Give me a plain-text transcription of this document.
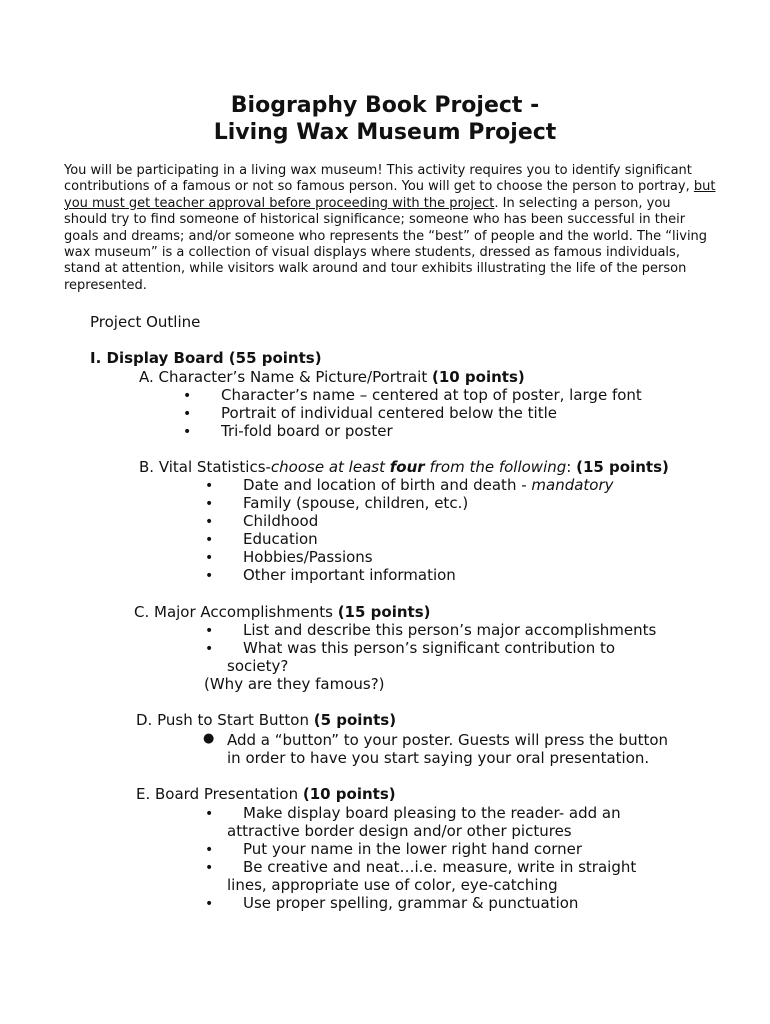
Biography Book Project -
Living Wax Museum Project
You will be participating in a living wax museum! This activity requires you to identify significant contributions of a famous or not so famous person. You will get to choose the person to portray, but you must get teacher approval before proceeding with the project. In selecting a person, you should try to find someone of historical significance; someone who has been successful in their goals and dreams; and/or someone who represents the “best” of people and the world. The “living wax museum” is a collection of visual displays where students, dressed as famous individuals, stand at attention, while visitors walk around and tour exhibits illustrating the life of the person represented.
Project Outline
I. Display Board (55 points)
A. Character’s Name & Picture/Portrait (10 points)
• Character’s name – centered at top of poster, large font
• Portrait of individual centered below the title
• Tri-fold board or poster
B. Vital Statistics-choose at least four from the following: (15 points)
• Date and location of birth and death - mandatory
• Family (spouse, children, etc.)
• Childhood
• Education
• Hobbies/Passions
• Other important information
C. Major Accomplishments (15 points)
• List and describe this person’s major accomplishments
• What was this person’s significant contribution to
society?
(Why are they famous?)
D. Push to Start Button (5 points)
● Add a “button” to your poster. Guests will press the button
in order to have you start saying your oral presentation.
E. Board Presentation (10 points)
• Make display board pleasing to the reader- add an
attractive border design and/or other pictures
• Put your name in the lower right hand corner
• Be creative and neat…i.e. measure, write in straight
lines, appropriate use of color, eye-catching
• Use proper spelling, grammar & punctuation
